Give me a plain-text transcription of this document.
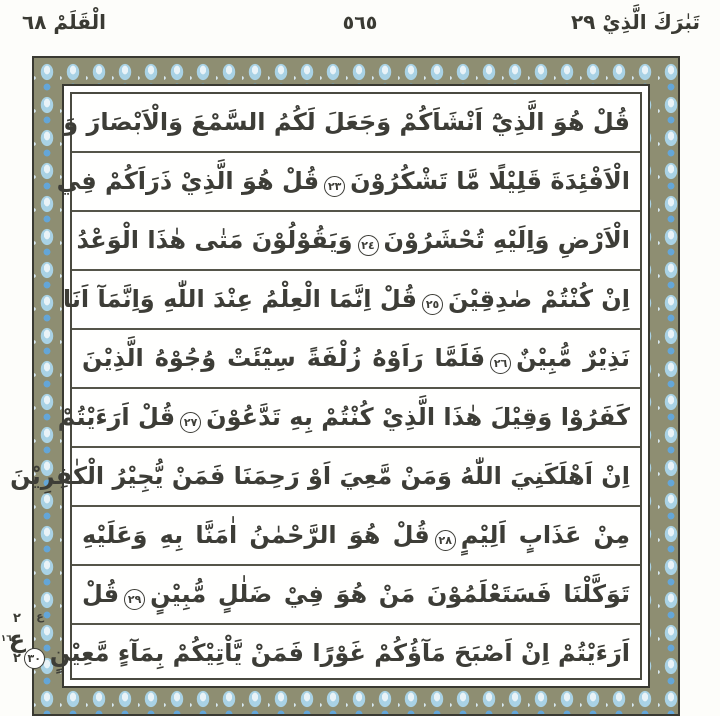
تَبٰرَكَ الَّذِيْ ٢٩
٥٦٥
الْقَلَمْ ٦٨
قُلْ هُوَ الَّذِيْٓ اَنْشَاَكُمْ وَجَعَلَ لَكُمُ السَّمْعَ وَالْاَبْصَارَ وَ
الْاَفْئِدَةَ قَلِيْلًا مَّا تَشْكُرُوْنَ٢٣قُلْ هُوَ الَّذِيْ ذَرَاَكُمْ فِي
الْاَرْضِ وَاِلَيْهِ تُحْشَرُوْنَ٢٤وَيَقُوْلُوْنَ مَتٰى هٰذَا الْوَعْدُ
اِنْ كُنْتُمْ صٰدِقِيْنَ٢٥قُلْ اِنَّمَا الْعِلْمُ عِنْدَ اللّٰهِ وَاِنَّمَآ اَنَا
نَذِيْرٌ مُّبِيْنٌ٢٦فَلَمَّا رَاَوْهُ زُلْفَةً سِيْٓئَتْ وُجُوْهُ الَّذِيْنَ
كَفَرُوْا وَقِيْلَ هٰذَا الَّذِيْ كُنْتُمْ بِهِ تَدَّعُوْنَ٢٧قُلْ اَرَءَيْتُمْ
اِنْ اَهْلَكَنِيَ اللّٰهُ وَمَنْ مَّعِيَ اَوْ رَحِمَنَا فَمَنْ يُّجِيْرُ الْكٰفِرِيْنَ
مِنْ عَذَابٍ اَلِيْمٍ٢٨قُلْ هُوَ الرَّحْمٰنُ اٰمَنَّا بِهِ وَعَلَيْهِ
تَوَكَّلْنَا فَسَتَعْلَمُوْنَ مَنْ هُوَ فِيْ ضَلٰلٍ مُّبِيْنٍ٢٩قُلْ
اَرَءَيْتُمْ اِنْ اَصْبَحَ مَآؤُكُمْ غَوْرًا فَمَنْ يَّاْتِيْكُمْ بِمَآءٍ مَّعِيْنٍ
ع
٣٠
٢
ع
١٦
٢
